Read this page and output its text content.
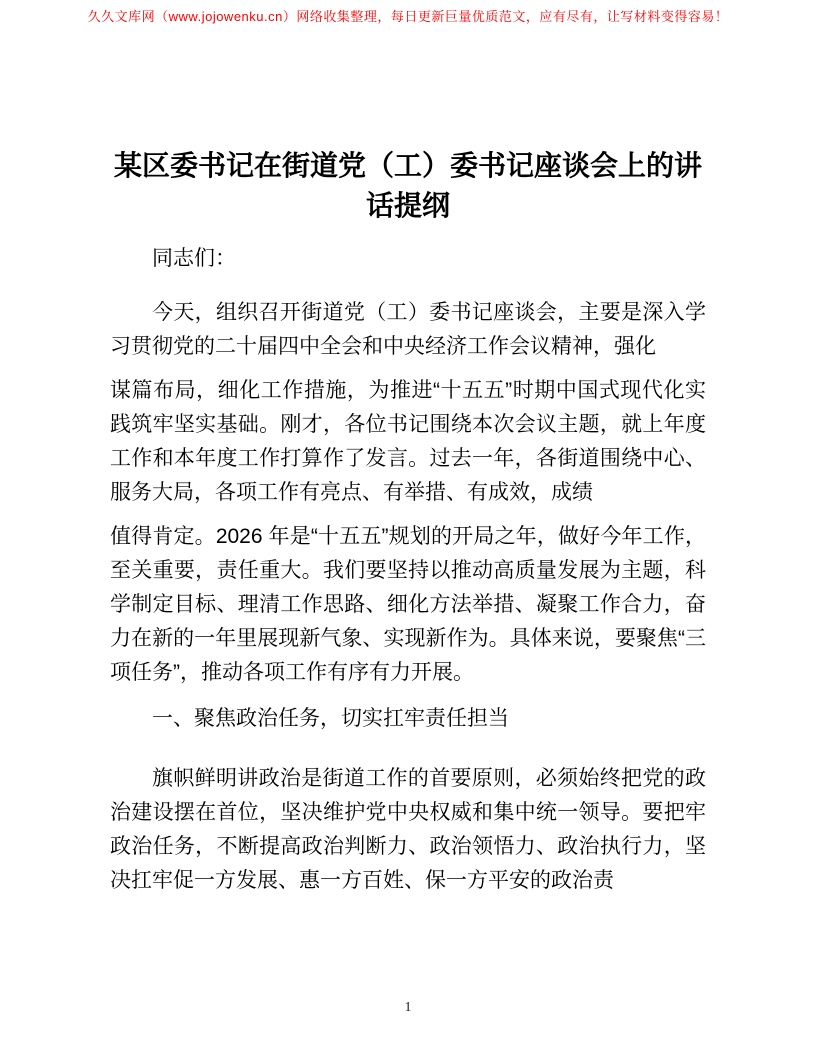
久久文库网（www.jojowenku.cn）网络收集整理，每日更新巨量优质范文，应有尽有，让写材料变得容易！
某区委书记在街道党（工）委书记座谈会上的讲话提纲

同志们：

今天，组织召开街道党（工）委书记座谈会，主要是深入学习贯彻党的二十届四中全会和中央经济工作会议精神，强化

谋篇布局，细化工作措施，为推进“十五五”时期中国式现代化实践筑牢坚实基础。刚才，各位书记围绕本次会议主题，就上年度工作和本年度工作打算作了发言。过去一年，各街道围绕中心、服务大局，各项工作有亮点、有举措、有成效，成绩

值得肯定。2026 年是“十五五”规划的开局之年，做好今年工作，至关重要，责任重大。我们要坚持以推动高质量发展为主题，科学制定目标、理清工作思路、细化方法举措、凝聚工作合力，奋力在新的一年里展现新气象、实现新作为。具体来说，要聚焦“三项任务”，推动各项工作有序有力开展。

一、聚焦政治任务，切实扛牢责任担当

旗帜鲜明讲政治是街道工作的首要原则，必须始终把党的政治建设摆在首位，坚决维护党中央权威和集中统一领导。要把牢政治任务，不断提高政治判断力、政治领悟力、政治执行力，坚决扛牢促一方发展、惠一方百姓、保一方平安的政治责

1
